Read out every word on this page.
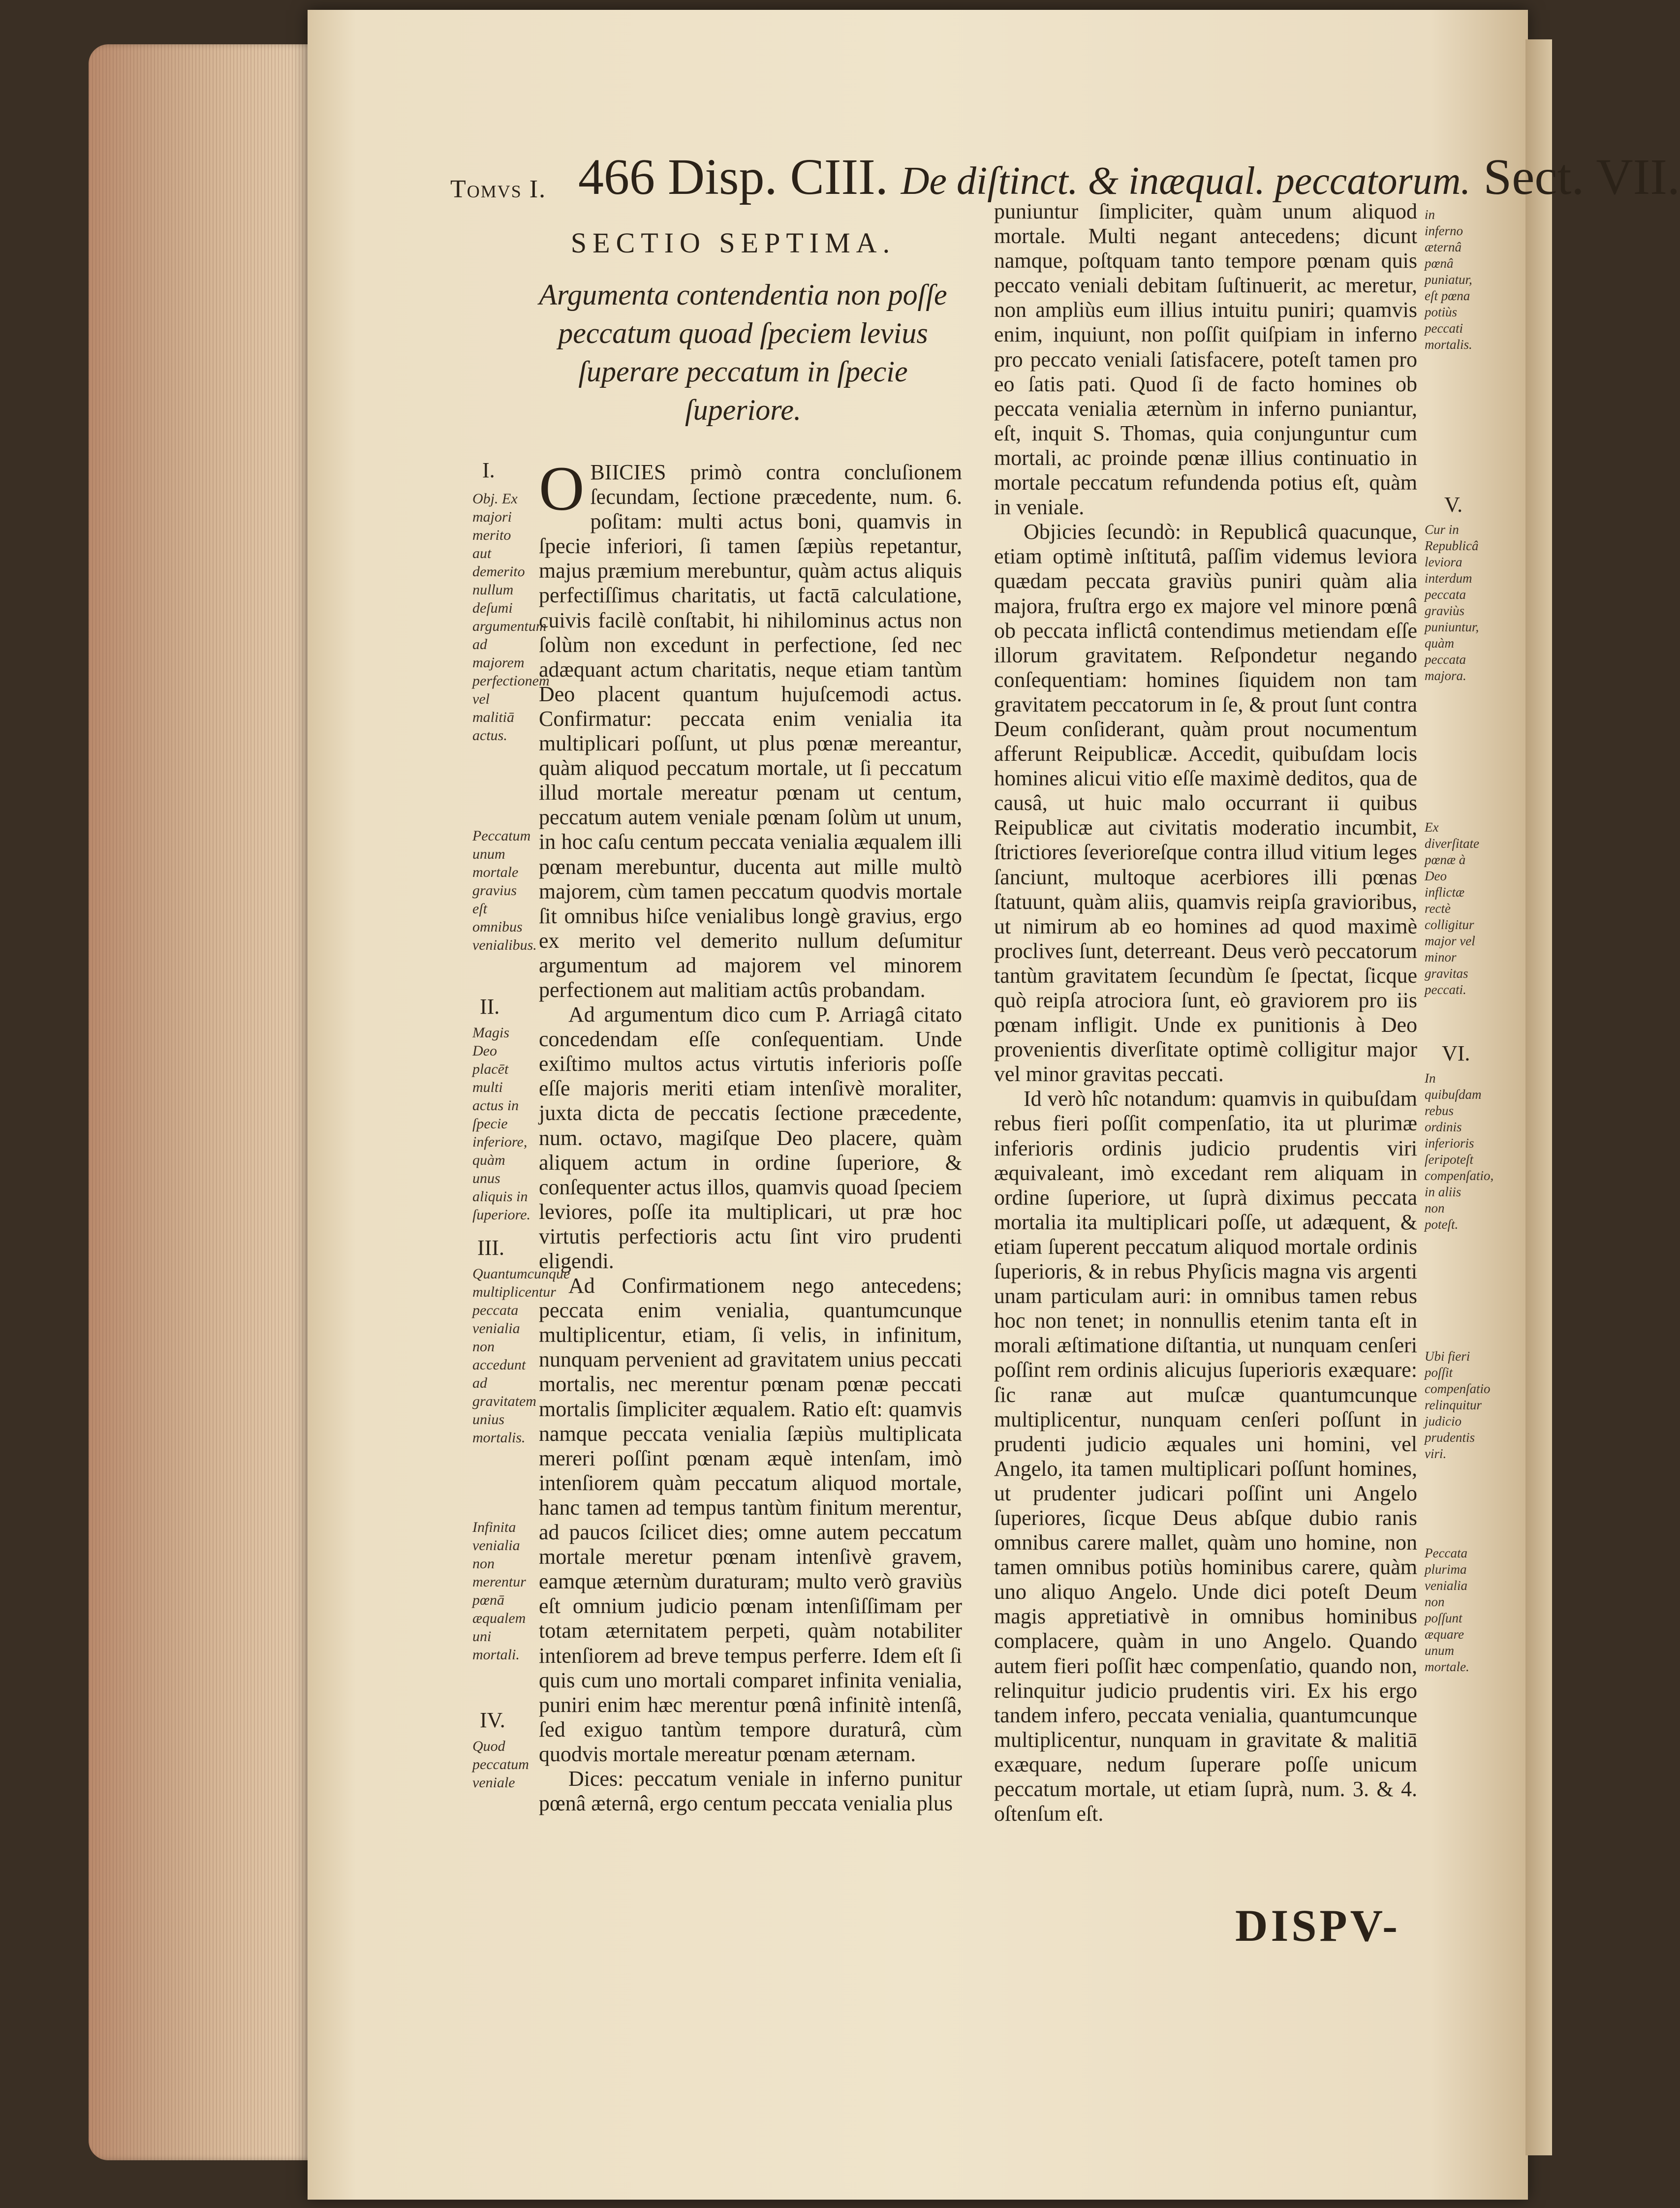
Tomvs I. 466 Disp. CIII. De diſtinct. & inæqual. peccatorum. Sect. VII.
SECTIO SEPTIMA.
Argumenta contendentia non poſſe peccatum quoad ſpeciem levius ſuperare peccatum in ſpecie ſuperiore.
I.
Obj. Ex majori merito aut demerito nullum deſumi argumentum ad majorem perfectionem vel malitiā actus.
Peccatum unum mortale gravius eſt omnibus venialibus.
II.
Magis Deo placēt multi actus in ſpecie inferiore, quàm unus aliquis in ſuperiore.
III.
Quantumcunque multiplicentur peccata venialia non accedunt ad gravitatem unius mortalis.
Infinita venialia non merentur pœnā æqualem uni mortali.
IV.
Quod peccatum veniale

OBIICIES primò contra concluſionem ſecundam, ſectione præcedente, num. 6. poſitam: multi actus boni, quamvis in ſpecie inferiori, ſi tamen ſæpiùs repetantur, majus præmium merebuntur, quàm actus aliquis perfectiſſimus charitatis, ut factā calculatione, cuivis facilè conſtabit, hi nihilominus actus non ſolùm non excedunt in perfectione, ſed nec adæquant actum charitatis, neque etiam tantùm Deo placent quantum hujuſcemodi actus. Confirmatur: peccata enim venialia ita multiplicari poſſunt, ut plus pœnæ mereantur, quàm aliquod peccatum mortale, ut ſi peccatum illud mortale mereatur pœnam ut centum, peccatum autem veniale pœnam ſolùm ut unum, in hoc caſu centum peccata venialia æqualem illi pœnam merebuntur, ducenta aut mille multò majorem, cùm tamen peccatum quodvis mortale ſit omnibus hiſce venialibus longè gravius, ergo ex merito vel demerito nullum deſumitur argumentum ad majorem vel minorem perfectionem aut malitiam actûs probandam.

Ad argumentum dico cum P. Arriagâ citato concedendam eſſe conſequentiam. Unde exiſtimo multos actus virtutis inferioris poſſe eſſe majoris meriti etiam intenſivè moraliter, juxta dicta de peccatis ſectione præcedente, num. octavo, magiſque Deo placere, quàm aliquem actum in ordine ſuperiore, & conſequenter actus illos, quamvis quoad ſpeciem leviores, poſſe ita multiplicari, ut præ hoc virtutis perfectioris actu ſint viro prudenti eligendi.

Ad Confirmationem nego antecedens; peccata enim venialia, quantumcunque multiplicentur, etiam, ſi velis, in infinitum, nunquam pervenient ad gravitatem unius peccati mortalis, nec merentur pœnam pœnæ peccati mortalis ſimpliciter æqualem. Ratio eſt: quamvis namque peccata venialia ſæpiùs multiplicata mereri poſſint pœnam æquè intenſam, imò intenſiorem quàm peccatum aliquod mortale, hanc tamen ad tempus tantùm finitum merentur, ad paucos ſcilicet dies; omne autem peccatum mortale meretur pœnam intenſivè gravem, eamque æternùm duraturam; multo verò graviùs eſt omnium judicio pœnam intenſiſſimam per totam æternitatem perpeti, quàm notabiliter intenſiorem ad breve tempus perferre. Idem eſt ſi quis cum uno mortali comparet infinita venialia, puniri enim hæc merentur pœnâ infinitè intenſâ, ſed exiguo tantùm tempore duraturâ, cùm quodvis mortale mereatur pœnam æternam.

Dices: peccatum veniale in inferno punitur pœnâ æternâ, ergo centum peccata venialia plus

puniuntur ſimpliciter, quàm unum aliquod mortale. Multi negant antecedens; dicunt namque, poſtquam tanto tempore pœnam quis peccato veniali debitam ſuſtinuerit, ac meretur, non ampliùs eum illius intuitu puniri; quamvis enim, inquiunt, non poſſit quiſpiam in inferno pro peccato veniali ſatisfacere, poteſt tamen pro eo ſatis pati. Quod ſi de facto homines ob peccata venialia æternùm in inferno puniantur, eſt, inquit S. Thomas, quia conjunguntur cum mortali, ac proinde pœnæ illius continuatio in mortale peccatum refundenda potius eſt, quàm in veniale.

Objicies ſecundò: in Republicâ quacunque, etiam optimè inſtitutâ, paſſim videmus leviora quædam peccata graviùs puniri quàm alia majora, fruſtra ergo ex majore vel minore pœnâ ob peccata inflictâ contendimus metiendam eſſe illorum gravitatem. Reſpondetur negando conſequentiam: homines ſiquidem non tam gravitatem peccatorum in ſe, & prout ſunt contra Deum conſiderant, quàm prout nocumentum afferunt Reipublicæ. Accedit, quibuſdam locis homines alicui vitio eſſe maximè deditos, qua de causâ, ut huic malo occurrant ii quibus Reipublicæ aut civitatis moderatio incumbit, ſtrictiores ſeverioreſque contra illud vitium leges ſanciunt, multoque acerbiores illi pœnas ſtatuunt, quàm aliis, quamvis reipſa gravioribus, ut nimirum ab eo homines ad quod maximè proclives ſunt, deterreant. Deus verò peccatorum tantùm gravitatem ſecundùm ſe ſpectat, ſicque quò reipſa atrociora ſunt, eò graviorem pro iis pœnam infligit. Unde ex punitionis à Deo provenientis diverſitate optimè colligitur major vel minor gravitas peccati.

Id verò hîc notandum: quamvis in quibuſdam rebus fieri poſſit compenſatio, ita ut plurimæ inferioris ordinis judicio prudentis viri æquivaleant, imò excedant rem aliquam in ordine ſuperiore, ut ſuprà diximus peccata mortalia ita multiplicari poſſe, ut adæquent, & etiam ſuperent peccatum aliquod mortale ordinis ſuperioris, & in rebus Phyſicis magna vis argenti unam particulam auri: in omnibus tamen rebus hoc non tenet; in nonnullis etenim tanta eſt in morali æſtimatione diſtantia, ut nunquam cenſeri poſſint rem ordinis alicujus ſuperioris exæquare: ſic ranæ aut muſcæ quantumcunque multiplicentur, nunquam cenſeri poſſunt in prudenti judicio æquales uni homini, vel Angelo, ita tamen multiplicari poſſunt homines, ut prudenter judicari poſſint uni Angelo ſuperiores, ſicque Deus abſque dubio ranis omnibus carere mallet, quàm uno homine, non tamen omnibus potiùs hominibus carere, quàm uno aliquo Angelo. Unde dici poteſt Deum magis appretiativè in omnibus hominibus complacere, quàm in uno Angelo. Quando autem fieri poſſit hæc compenſatio, quando non, relinquitur judicio prudentis viri. Ex his ergo tandem infero, peccata venialia, quantumcunque multiplicentur, nunquam in gravitate & malitiā exæquare, nedum ſuperare poſſe unicum peccatum mortale, ut etiam ſuprà, num. 3. & 4. oſtenſum eſt.

in inferno æternâ pœnâ puniatur, eſt pœna potiùs peccati mortalis.
V.
Cur in Republicâ leviora interdum peccata graviùs puniuntur, quàm peccata majora.
Ex diverſitate pœnæ à Deo inflictæ rectè colligitur major vel minor gravitas peccati.
VI.
In quibuſdam rebus ordinis inferioris ſeripoteſt compenſatio, in aliis non poteſt.
Ubi fieri poſſit compenſatio relinquitur judicio prudentis viri.
Peccata plurima venialia non poſſunt æquare unum mortale.
DISPV-
